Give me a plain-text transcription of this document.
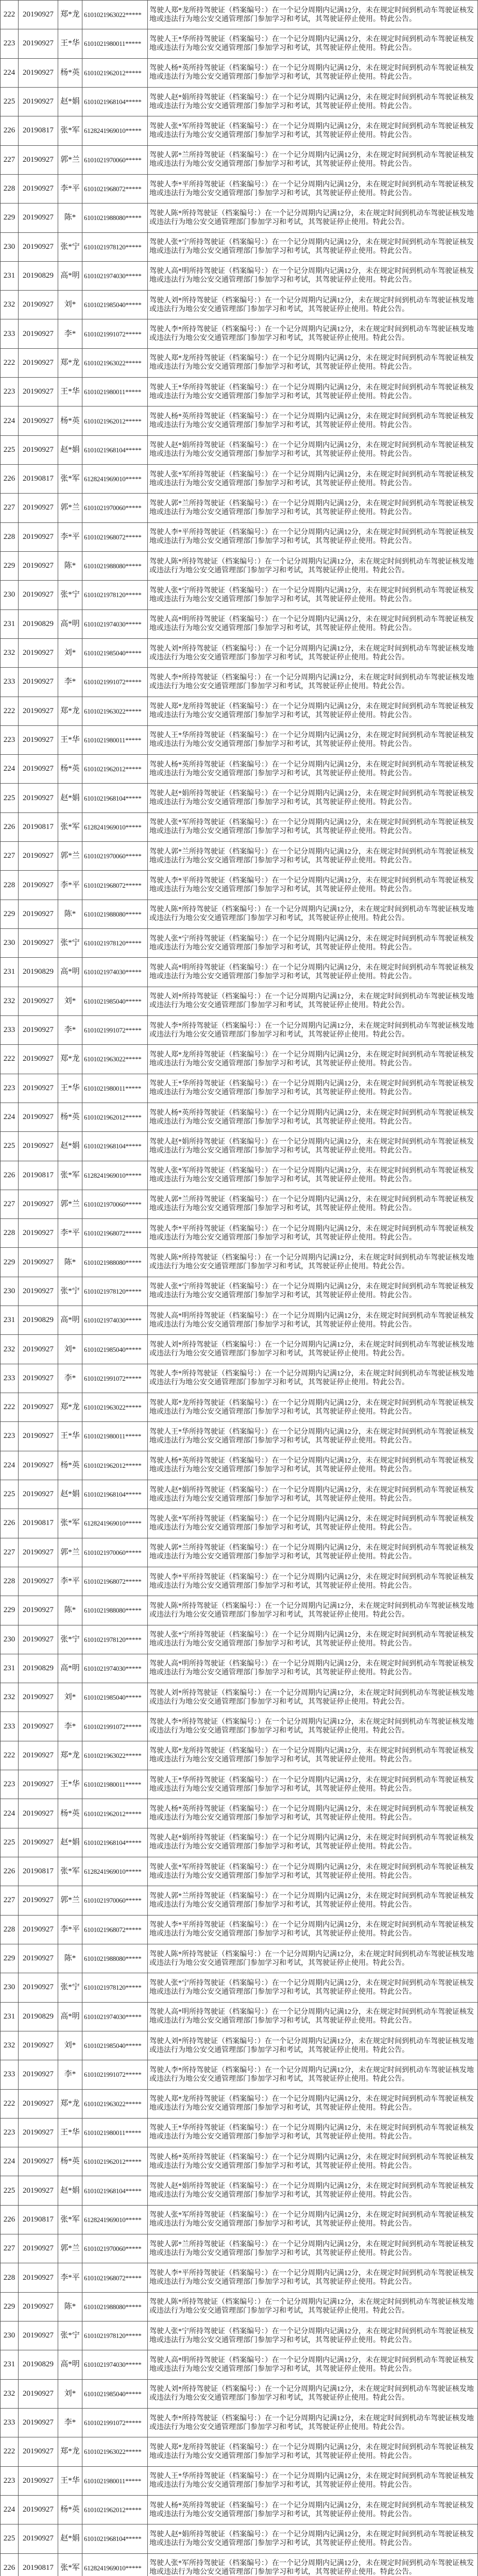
222	20190927	郑*龙	6101021963022*****	驾驶人郑*龙所持驾驶证（档案编号：）在一个记分周期内记满12分，未在规定时间到机动车驾驶证核发地或违法行为地公安交通管理部门参加学习和考试，其驾驶证停止使用。特此公告。
223	20190927	王*华	6101021980011*****	驾驶人王*华所持驾驶证（档案编号：）在一个记分周期内记满12分，未在规定时间到机动车驾驶证核发地或违法行为地公安交通管理部门参加学习和考试，其驾驶证停止使用。特此公告。
224	20190927	杨*英	6101021962012*****	驾驶人杨*英所持驾驶证（档案编号：）在一个记分周期内记满12分，未在规定时间到机动车驾驶证核发地或违法行为地公安交通管理部门参加学习和考试，其驾驶证停止使用。特此公告。
225	20190927	赵*娟	6101021968104*****	驾驶人赵*娟所持驾驶证（档案编号：）在一个记分周期内记满12分，未在规定时间到机动车驾驶证核发地或违法行为地公安交通管理部门参加学习和考试，其驾驶证停止使用。特此公告。
226	20190817	张*军	6128241969010*****	驾驶人张*军所持驾驶证（档案编号：）在一个记分周期内记满12分，未在规定时间到机动车驾驶证核发地或违法行为地公安交通管理部门参加学习和考试，其驾驶证停止使用。特此公告。
227	20190927	郭*兰	6101021970060*****	驾驶人郭*兰所持驾驶证（档案编号：）在一个记分周期内记满12分，未在规定时间到机动车驾驶证核发地或违法行为地公安交通管理部门参加学习和考试，其驾驶证停止使用。特此公告。
228	20190927	李*平	6101021968072*****	驾驶人李*平所持驾驶证（档案编号：）在一个记分周期内记满12分，未在规定时间到机动车驾驶证核发地或违法行为地公安交通管理部门参加学习和考试，其驾驶证停止使用。特此公告。
229	20190927	陈*	6101021988080*****	驾驶人陈*所持驾驶证（档案编号：）在一个记分周期内记满12分，未在规定时间到机动车驾驶证核发地或违法行为地公安交通管理部门参加学习和考试，其驾驶证停止使用。特此公告。
230	20190927	张*宁	6101021978120*****	驾驶人张*宁所持驾驶证（档案编号：）在一个记分周期内记满12分，未在规定时间到机动车驾驶证核发地或违法行为地公安交通管理部门参加学习和考试，其驾驶证停止使用。特此公告。
231	20190829	高*明	6101021974030*****	驾驶人高*明所持驾驶证（档案编号：）在一个记分周期内记满12分，未在规定时间到机动车驾驶证核发地或违法行为地公安交通管理部门参加学习和考试，其驾驶证停止使用。特此公告。
232	20190927	刘*	6101021985040*****	驾驶人刘*所持驾驶证（档案编号：）在一个记分周期内记满12分，未在规定时间到机动车驾驶证核发地或违法行为地公安交通管理部门参加学习和考试，其驾驶证停止使用。特此公告。
233	20190927	李*	6101021991072*****	驾驶人李*所持驾驶证（档案编号：）在一个记分周期内记满12分，未在规定时间到机动车驾驶证核发地或违法行为地公安交通管理部门参加学习和考试，其驾驶证停止使用。特此公告。
222	20190927	郑*龙	6101021963022*****	驾驶人郑*龙所持驾驶证（档案编号：）在一个记分周期内记满12分，未在规定时间到机动车驾驶证核发地或违法行为地公安交通管理部门参加学习和考试，其驾驶证停止使用。特此公告。
223	20190927	王*华	6101021980011*****	驾驶人王*华所持驾驶证（档案编号：）在一个记分周期内记满12分，未在规定时间到机动车驾驶证核发地或违法行为地公安交通管理部门参加学习和考试，其驾驶证停止使用。特此公告。
224	20190927	杨*英	6101021962012*****	驾驶人杨*英所持驾驶证（档案编号：）在一个记分周期内记满12分，未在规定时间到机动车驾驶证核发地或违法行为地公安交通管理部门参加学习和考试，其驾驶证停止使用。特此公告。
225	20190927	赵*娟	6101021968104*****	驾驶人赵*娟所持驾驶证（档案编号：）在一个记分周期内记满12分，未在规定时间到机动车驾驶证核发地或违法行为地公安交通管理部门参加学习和考试，其驾驶证停止使用。特此公告。
226	20190817	张*军	6128241969010*****	驾驶人张*军所持驾驶证（档案编号：）在一个记分周期内记满12分，未在规定时间到机动车驾驶证核发地或违法行为地公安交通管理部门参加学习和考试，其驾驶证停止使用。特此公告。
227	20190927	郭*兰	6101021970060*****	驾驶人郭*兰所持驾驶证（档案编号：）在一个记分周期内记满12分，未在规定时间到机动车驾驶证核发地或违法行为地公安交通管理部门参加学习和考试，其驾驶证停止使用。特此公告。
228	20190927	李*平	6101021968072*****	驾驶人李*平所持驾驶证（档案编号：）在一个记分周期内记满12分，未在规定时间到机动车驾驶证核发地或违法行为地公安交通管理部门参加学习和考试，其驾驶证停止使用。特此公告。
229	20190927	陈*	6101021988080*****	驾驶人陈*所持驾驶证（档案编号：）在一个记分周期内记满12分，未在规定时间到机动车驾驶证核发地或违法行为地公安交通管理部门参加学习和考试，其驾驶证停止使用。特此公告。
230	20190927	张*宁	6101021978120*****	驾驶人张*宁所持驾驶证（档案编号：）在一个记分周期内记满12分，未在规定时间到机动车驾驶证核发地或违法行为地公安交通管理部门参加学习和考试，其驾驶证停止使用。特此公告。
231	20190829	高*明	6101021974030*****	驾驶人高*明所持驾驶证（档案编号：）在一个记分周期内记满12分，未在规定时间到机动车驾驶证核发地或违法行为地公安交通管理部门参加学习和考试，其驾驶证停止使用。特此公告。
232	20190927	刘*	6101021985040*****	驾驶人刘*所持驾驶证（档案编号：）在一个记分周期内记满12分，未在规定时间到机动车驾驶证核发地或违法行为地公安交通管理部门参加学习和考试，其驾驶证停止使用。特此公告。
233	20190927	李*	6101021991072*****	驾驶人李*所持驾驶证（档案编号：）在一个记分周期内记满12分，未在规定时间到机动车驾驶证核发地或违法行为地公安交通管理部门参加学习和考试，其驾驶证停止使用。特此公告。
222	20190927	郑*龙	6101021963022*****	驾驶人郑*龙所持驾驶证（档案编号：）在一个记分周期内记满12分，未在规定时间到机动车驾驶证核发地或违法行为地公安交通管理部门参加学习和考试，其驾驶证停止使用。特此公告。
223	20190927	王*华	6101021980011*****	驾驶人王*华所持驾驶证（档案编号：）在一个记分周期内记满12分，未在规定时间到机动车驾驶证核发地或违法行为地公安交通管理部门参加学习和考试，其驾驶证停止使用。特此公告。
224	20190927	杨*英	6101021962012*****	驾驶人杨*英所持驾驶证（档案编号：）在一个记分周期内记满12分，未在规定时间到机动车驾驶证核发地或违法行为地公安交通管理部门参加学习和考试，其驾驶证停止使用。特此公告。
225	20190927	赵*娟	6101021968104*****	驾驶人赵*娟所持驾驶证（档案编号：）在一个记分周期内记满12分，未在规定时间到机动车驾驶证核发地或违法行为地公安交通管理部门参加学习和考试，其驾驶证停止使用。特此公告。
226	20190817	张*军	6128241969010*****	驾驶人张*军所持驾驶证（档案编号：）在一个记分周期内记满12分，未在规定时间到机动车驾驶证核发地或违法行为地公安交通管理部门参加学习和考试，其驾驶证停止使用。特此公告。
227	20190927	郭*兰	6101021970060*****	驾驶人郭*兰所持驾驶证（档案编号：）在一个记分周期内记满12分，未在规定时间到机动车驾驶证核发地或违法行为地公安交通管理部门参加学习和考试，其驾驶证停止使用。特此公告。
228	20190927	李*平	6101021968072*****	驾驶人李*平所持驾驶证（档案编号：）在一个记分周期内记满12分，未在规定时间到机动车驾驶证核发地或违法行为地公安交通管理部门参加学习和考试，其驾驶证停止使用。特此公告。
229	20190927	陈*	6101021988080*****	驾驶人陈*所持驾驶证（档案编号：）在一个记分周期内记满12分，未在规定时间到机动车驾驶证核发地或违法行为地公安交通管理部门参加学习和考试，其驾驶证停止使用。特此公告。
230	20190927	张*宁	6101021978120*****	驾驶人张*宁所持驾驶证（档案编号：）在一个记分周期内记满12分，未在规定时间到机动车驾驶证核发地或违法行为地公安交通管理部门参加学习和考试，其驾驶证停止使用。特此公告。
231	20190829	高*明	6101021974030*****	驾驶人高*明所持驾驶证（档案编号：）在一个记分周期内记满12分，未在规定时间到机动车驾驶证核发地或违法行为地公安交通管理部门参加学习和考试，其驾驶证停止使用。特此公告。
232	20190927	刘*	6101021985040*****	驾驶人刘*所持驾驶证（档案编号：）在一个记分周期内记满12分，未在规定时间到机动车驾驶证核发地或违法行为地公安交通管理部门参加学习和考试，其驾驶证停止使用。特此公告。
233	20190927	李*	6101021991072*****	驾驶人李*所持驾驶证（档案编号：）在一个记分周期内记满12分，未在规定时间到机动车驾驶证核发地或违法行为地公安交通管理部门参加学习和考试，其驾驶证停止使用。特此公告。
222	20190927	郑*龙	6101021963022*****	驾驶人郑*龙所持驾驶证（档案编号：）在一个记分周期内记满12分，未在规定时间到机动车驾驶证核发地或违法行为地公安交通管理部门参加学习和考试，其驾驶证停止使用。特此公告。
223	20190927	王*华	6101021980011*****	驾驶人王*华所持驾驶证（档案编号：）在一个记分周期内记满12分，未在规定时间到机动车驾驶证核发地或违法行为地公安交通管理部门参加学习和考试，其驾驶证停止使用。特此公告。
224	20190927	杨*英	6101021962012*****	驾驶人杨*英所持驾驶证（档案编号：）在一个记分周期内记满12分，未在规定时间到机动车驾驶证核发地或违法行为地公安交通管理部门参加学习和考试，其驾驶证停止使用。特此公告。
225	20190927	赵*娟	6101021968104*****	驾驶人赵*娟所持驾驶证（档案编号：）在一个记分周期内记满12分，未在规定时间到机动车驾驶证核发地或违法行为地公安交通管理部门参加学习和考试，其驾驶证停止使用。特此公告。
226	20190817	张*军	6128241969010*****	驾驶人张*军所持驾驶证（档案编号：）在一个记分周期内记满12分，未在规定时间到机动车驾驶证核发地或违法行为地公安交通管理部门参加学习和考试，其驾驶证停止使用。特此公告。
227	20190927	郭*兰	6101021970060*****	驾驶人郭*兰所持驾驶证（档案编号：）在一个记分周期内记满12分，未在规定时间到机动车驾驶证核发地或违法行为地公安交通管理部门参加学习和考试，其驾驶证停止使用。特此公告。
228	20190927	李*平	6101021968072*****	驾驶人李*平所持驾驶证（档案编号：）在一个记分周期内记满12分，未在规定时间到机动车驾驶证核发地或违法行为地公安交通管理部门参加学习和考试，其驾驶证停止使用。特此公告。
229	20190927	陈*	6101021988080*****	驾驶人陈*所持驾驶证（档案编号：）在一个记分周期内记满12分，未在规定时间到机动车驾驶证核发地或违法行为地公安交通管理部门参加学习和考试，其驾驶证停止使用。特此公告。
230	20190927	张*宁	6101021978120*****	驾驶人张*宁所持驾驶证（档案编号：）在一个记分周期内记满12分，未在规定时间到机动车驾驶证核发地或违法行为地公安交通管理部门参加学习和考试，其驾驶证停止使用。特此公告。
231	20190829	高*明	6101021974030*****	驾驶人高*明所持驾驶证（档案编号：）在一个记分周期内记满12分，未在规定时间到机动车驾驶证核发地或违法行为地公安交通管理部门参加学习和考试，其驾驶证停止使用。特此公告。
232	20190927	刘*	6101021985040*****	驾驶人刘*所持驾驶证（档案编号：）在一个记分周期内记满12分，未在规定时间到机动车驾驶证核发地或违法行为地公安交通管理部门参加学习和考试，其驾驶证停止使用。特此公告。
233	20190927	李*	6101021991072*****	驾驶人李*所持驾驶证（档案编号：）在一个记分周期内记满12分，未在规定时间到机动车驾驶证核发地或违法行为地公安交通管理部门参加学习和考试，其驾驶证停止使用。特此公告。
222	20190927	郑*龙	6101021963022*****	驾驶人郑*龙所持驾驶证（档案编号：）在一个记分周期内记满12分，未在规定时间到机动车驾驶证核发地或违法行为地公安交通管理部门参加学习和考试，其驾驶证停止使用。特此公告。
223	20190927	王*华	6101021980011*****	驾驶人王*华所持驾驶证（档案编号：）在一个记分周期内记满12分，未在规定时间到机动车驾驶证核发地或违法行为地公安交通管理部门参加学习和考试，其驾驶证停止使用。特此公告。
224	20190927	杨*英	6101021962012*****	驾驶人杨*英所持驾驶证（档案编号：）在一个记分周期内记满12分，未在规定时间到机动车驾驶证核发地或违法行为地公安交通管理部门参加学习和考试，其驾驶证停止使用。特此公告。
225	20190927	赵*娟	6101021968104*****	驾驶人赵*娟所持驾驶证（档案编号：）在一个记分周期内记满12分，未在规定时间到机动车驾驶证核发地或违法行为地公安交通管理部门参加学习和考试，其驾驶证停止使用。特此公告。
226	20190817	张*军	6128241969010*****	驾驶人张*军所持驾驶证（档案编号：）在一个记分周期内记满12分，未在规定时间到机动车驾驶证核发地或违法行为地公安交通管理部门参加学习和考试，其驾驶证停止使用。特此公告。
227	20190927	郭*兰	6101021970060*****	驾驶人郭*兰所持驾驶证（档案编号：）在一个记分周期内记满12分，未在规定时间到机动车驾驶证核发地或违法行为地公安交通管理部门参加学习和考试，其驾驶证停止使用。特此公告。
228	20190927	李*平	6101021968072*****	驾驶人李*平所持驾驶证（档案编号：）在一个记分周期内记满12分，未在规定时间到机动车驾驶证核发地或违法行为地公安交通管理部门参加学习和考试，其驾驶证停止使用。特此公告。
229	20190927	陈*	6101021988080*****	驾驶人陈*所持驾驶证（档案编号：）在一个记分周期内记满12分，未在规定时间到机动车驾驶证核发地或违法行为地公安交通管理部门参加学习和考试，其驾驶证停止使用。特此公告。
230	20190927	张*宁	6101021978120*****	驾驶人张*宁所持驾驶证（档案编号：）在一个记分周期内记满12分，未在规定时间到机动车驾驶证核发地或违法行为地公安交通管理部门参加学习和考试，其驾驶证停止使用。特此公告。
231	20190829	高*明	6101021974030*****	驾驶人高*明所持驾驶证（档案编号：）在一个记分周期内记满12分，未在规定时间到机动车驾驶证核发地或违法行为地公安交通管理部门参加学习和考试，其驾驶证停止使用。特此公告。
232	20190927	刘*	6101021985040*****	驾驶人刘*所持驾驶证（档案编号：）在一个记分周期内记满12分，未在规定时间到机动车驾驶证核发地或违法行为地公安交通管理部门参加学习和考试，其驾驶证停止使用。特此公告。
233	20190927	李*	6101021991072*****	驾驶人李*所持驾驶证（档案编号：）在一个记分周期内记满12分，未在规定时间到机动车驾驶证核发地或违法行为地公安交通管理部门参加学习和考试，其驾驶证停止使用。特此公告。
222	20190927	郑*龙	6101021963022*****	驾驶人郑*龙所持驾驶证（档案编号：）在一个记分周期内记满12分，未在规定时间到机动车驾驶证核发地或违法行为地公安交通管理部门参加学习和考试，其驾驶证停止使用。特此公告。
223	20190927	王*华	6101021980011*****	驾驶人王*华所持驾驶证（档案编号：）在一个记分周期内记满12分，未在规定时间到机动车驾驶证核发地或违法行为地公安交通管理部门参加学习和考试，其驾驶证停止使用。特此公告。
224	20190927	杨*英	6101021962012*****	驾驶人杨*英所持驾驶证（档案编号：）在一个记分周期内记满12分，未在规定时间到机动车驾驶证核发地或违法行为地公安交通管理部门参加学习和考试，其驾驶证停止使用。特此公告。
225	20190927	赵*娟	6101021968104*****	驾驶人赵*娟所持驾驶证（档案编号：）在一个记分周期内记满12分，未在规定时间到机动车驾驶证核发地或违法行为地公安交通管理部门参加学习和考试，其驾驶证停止使用。特此公告。
226	20190817	张*军	6128241969010*****	驾驶人张*军所持驾驶证（档案编号：）在一个记分周期内记满12分，未在规定时间到机动车驾驶证核发地或违法行为地公安交通管理部门参加学习和考试，其驾驶证停止使用。特此公告。
227	20190927	郭*兰	6101021970060*****	驾驶人郭*兰所持驾驶证（档案编号：）在一个记分周期内记满12分，未在规定时间到机动车驾驶证核发地或违法行为地公安交通管理部门参加学习和考试，其驾驶证停止使用。特此公告。
228	20190927	李*平	6101021968072*****	驾驶人李*平所持驾驶证（档案编号：）在一个记分周期内记满12分，未在规定时间到机动车驾驶证核发地或违法行为地公安交通管理部门参加学习和考试，其驾驶证停止使用。特此公告。
229	20190927	陈*	6101021988080*****	驾驶人陈*所持驾驶证（档案编号：）在一个记分周期内记满12分，未在规定时间到机动车驾驶证核发地或违法行为地公安交通管理部门参加学习和考试，其驾驶证停止使用。特此公告。
230	20190927	张*宁	6101021978120*****	驾驶人张*宁所持驾驶证（档案编号：）在一个记分周期内记满12分，未在规定时间到机动车驾驶证核发地或违法行为地公安交通管理部门参加学习和考试，其驾驶证停止使用。特此公告。
231	20190829	高*明	6101021974030*****	驾驶人高*明所持驾驶证（档案编号：）在一个记分周期内记满12分，未在规定时间到机动车驾驶证核发地或违法行为地公安交通管理部门参加学习和考试，其驾驶证停止使用。特此公告。
232	20190927	刘*	6101021985040*****	驾驶人刘*所持驾驶证（档案编号：）在一个记分周期内记满12分，未在规定时间到机动车驾驶证核发地或违法行为地公安交通管理部门参加学习和考试，其驾驶证停止使用。特此公告。
233	20190927	李*	6101021991072*****	驾驶人李*所持驾驶证（档案编号：）在一个记分周期内记满12分，未在规定时间到机动车驾驶证核发地或违法行为地公安交通管理部门参加学习和考试，其驾驶证停止使用。特此公告。
222	20190927	郑*龙	6101021963022*****	驾驶人郑*龙所持驾驶证（档案编号：）在一个记分周期内记满12分，未在规定时间到机动车驾驶证核发地或违法行为地公安交通管理部门参加学习和考试，其驾驶证停止使用。特此公告。
223	20190927	王*华	6101021980011*****	驾驶人王*华所持驾驶证（档案编号：）在一个记分周期内记满12分，未在规定时间到机动车驾驶证核发地或违法行为地公安交通管理部门参加学习和考试，其驾驶证停止使用。特此公告。
224	20190927	杨*英	6101021962012*****	驾驶人杨*英所持驾驶证（档案编号：）在一个记分周期内记满12分，未在规定时间到机动车驾驶证核发地或违法行为地公安交通管理部门参加学习和考试，其驾驶证停止使用。特此公告。
225	20190927	赵*娟	6101021968104*****	驾驶人赵*娟所持驾驶证（档案编号：）在一个记分周期内记满12分，未在规定时间到机动车驾驶证核发地或违法行为地公安交通管理部门参加学习和考试，其驾驶证停止使用。特此公告。
226	20190817	张*军	6128241969010*****	驾驶人张*军所持驾驶证（档案编号：）在一个记分周期内记满12分，未在规定时间到机动车驾驶证核发地或违法行为地公安交通管理部门参加学习和考试，其驾驶证停止使用。特此公告。
227	20190927	郭*兰	6101021970060*****	驾驶人郭*兰所持驾驶证（档案编号：）在一个记分周期内记满12分，未在规定时间到机动车驾驶证核发地或违法行为地公安交通管理部门参加学习和考试，其驾驶证停止使用。特此公告。
228	20190927	李*平	6101021968072*****	驾驶人李*平所持驾驶证（档案编号：）在一个记分周期内记满12分，未在规定时间到机动车驾驶证核发地或违法行为地公安交通管理部门参加学习和考试，其驾驶证停止使用。特此公告。
229	20190927	陈*	6101021988080*****	驾驶人陈*所持驾驶证（档案编号：）在一个记分周期内记满12分，未在规定时间到机动车驾驶证核发地或违法行为地公安交通管理部门参加学习和考试，其驾驶证停止使用。特此公告。
230	20190927	张*宁	6101021978120*****	驾驶人张*宁所持驾驶证（档案编号：）在一个记分周期内记满12分，未在规定时间到机动车驾驶证核发地或违法行为地公安交通管理部门参加学习和考试，其驾驶证停止使用。特此公告。
231	20190829	高*明	6101021974030*****	驾驶人高*明所持驾驶证（档案编号：）在一个记分周期内记满12分，未在规定时间到机动车驾驶证核发地或违法行为地公安交通管理部门参加学习和考试，其驾驶证停止使用。特此公告。
232	20190927	刘*	6101021985040*****	驾驶人刘*所持驾驶证（档案编号：）在一个记分周期内记满12分，未在规定时间到机动车驾驶证核发地或违法行为地公安交通管理部门参加学习和考试，其驾驶证停止使用。特此公告。
233	20190927	李*	6101021991072*****	驾驶人李*所持驾驶证（档案编号：）在一个记分周期内记满12分，未在规定时间到机动车驾驶证核发地或违法行为地公安交通管理部门参加学习和考试，其驾驶证停止使用。特此公告。
222	20190927	郑*龙	6101021963022*****	驾驶人郑*龙所持驾驶证（档案编号：）在一个记分周期内记满12分，未在规定时间到机动车驾驶证核发地或违法行为地公安交通管理部门参加学习和考试，其驾驶证停止使用。特此公告。
223	20190927	王*华	6101021980011*****	驾驶人王*华所持驾驶证（档案编号：）在一个记分周期内记满12分，未在规定时间到机动车驾驶证核发地或违法行为地公安交通管理部门参加学习和考试，其驾驶证停止使用。特此公告。
224	20190927	杨*英	6101021962012*****	驾驶人杨*英所持驾驶证（档案编号：）在一个记分周期内记满12分，未在规定时间到机动车驾驶证核发地或违法行为地公安交通管理部门参加学习和考试，其驾驶证停止使用。特此公告。
225	20190927	赵*娟	6101021968104*****	驾驶人赵*娟所持驾驶证（档案编号：）在一个记分周期内记满12分，未在规定时间到机动车驾驶证核发地或违法行为地公安交通管理部门参加学习和考试，其驾驶证停止使用。特此公告。
226	20190817	张*军	6128241969010*****	驾驶人张*军所持驾驶证（档案编号：）在一个记分周期内记满12分，未在规定时间到机动车驾驶证核发地或违法行为地公安交通管理部门参加学习和考试，其驾驶证停止使用。特此公告。
